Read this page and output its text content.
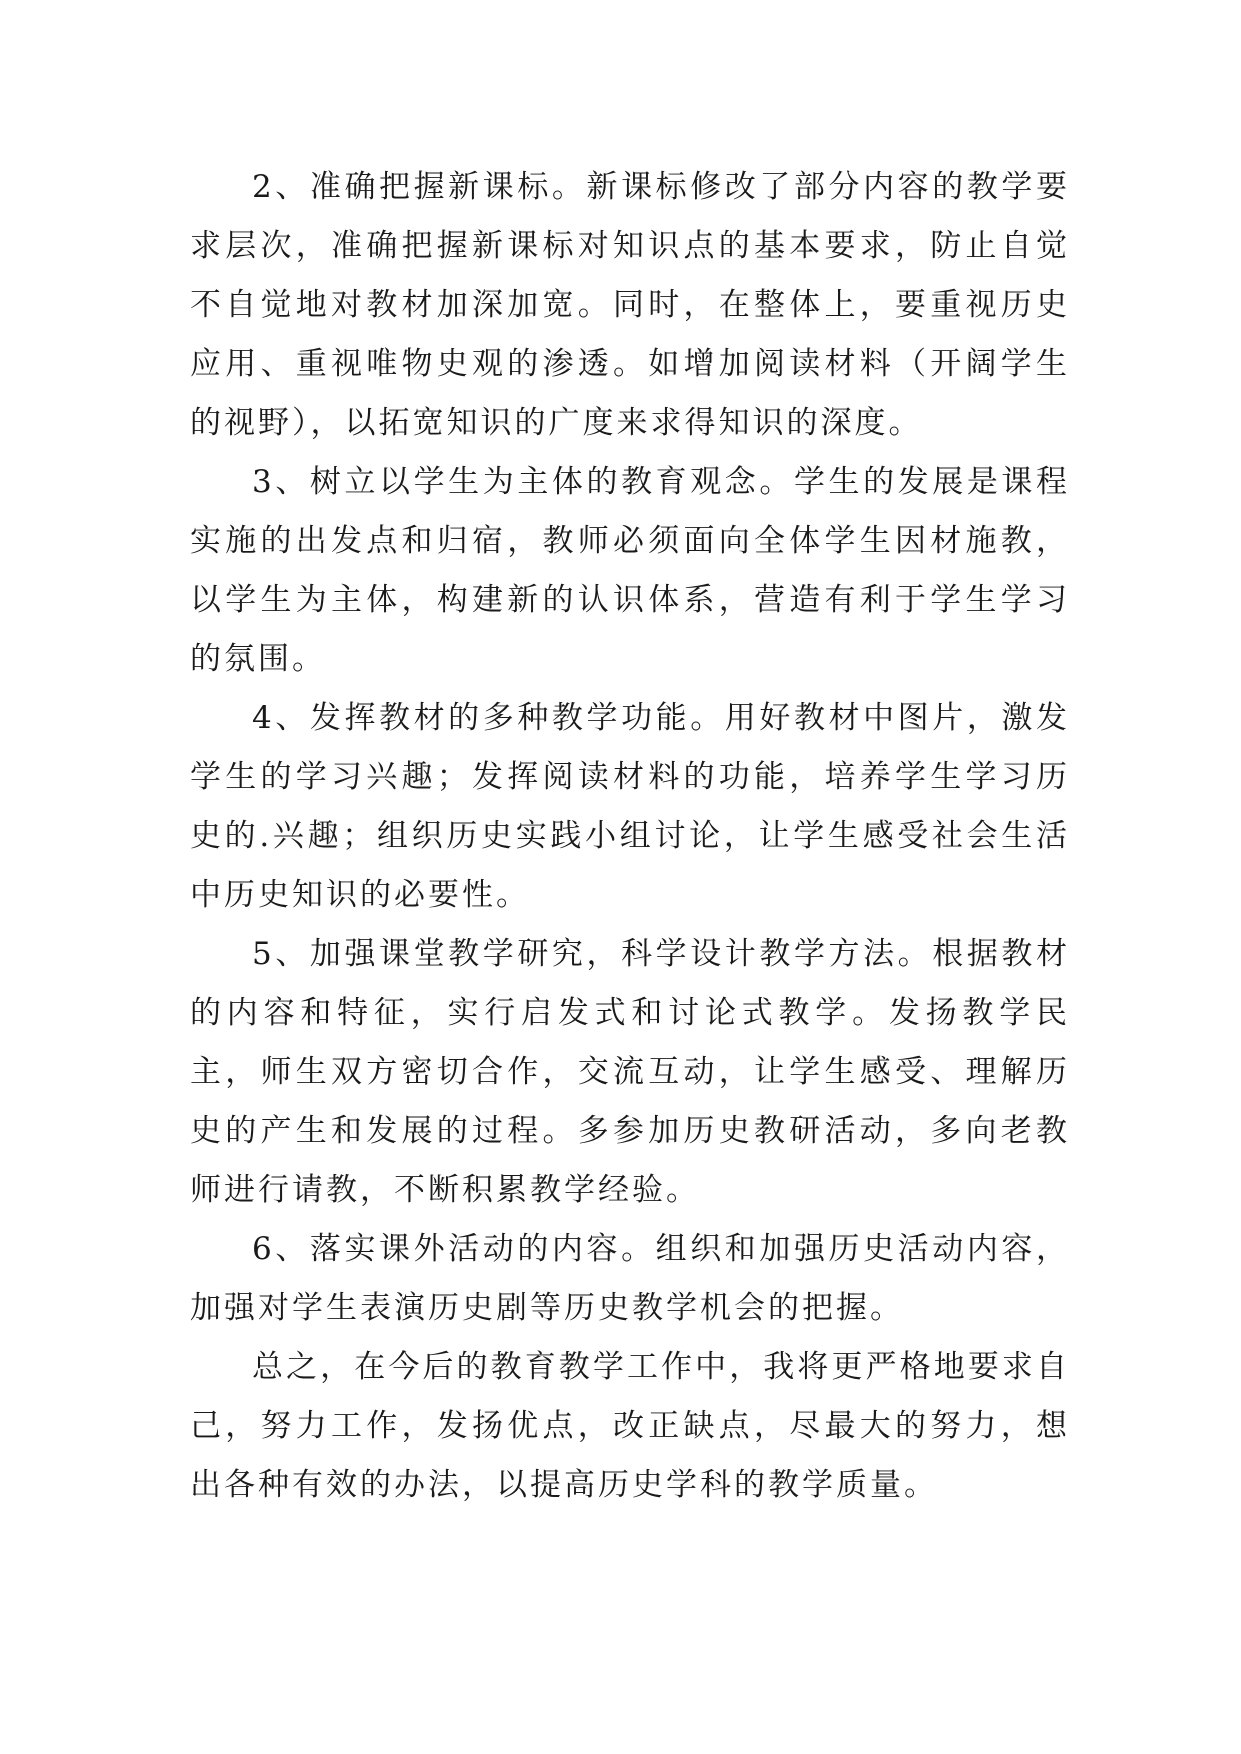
2、准确把握新课标。新课标修改了部分内容的教学要求层次，准确把握新课标对知识点的基本要求，防止自觉不自觉地对教材加深加宽。同时，在整体上，要重视历史应用、重视唯物史观的渗透。如增加阅读材料（开阔学生的视野），以拓宽知识的广度来求得知识的深度。

3、树立以学生为主体的教育观念。学生的发展是课程实施的出发点和归宿，教师必须面向全体学生因材施教，以学生为主体，构建新的认识体系，营造有利于学生学习的氛围。

4、发挥教材的多种教学功能。用好教材中图片，激发学生的学习兴趣；发挥阅读材料的功能，培养学生学习历史的.兴趣；组织历史实践小组讨论，让学生感受社会生活中历史知识的必要性。

5、加强课堂教学研究，科学设计教学方法。根据教材的内容和特征，实行启发式和讨论式教学。发扬教学民主，师生双方密切合作，交流互动，让学生感受、理解历史的产生和发展的过程。多参加历史教研活动，多向老教师进行请教，不断积累教学经验。

6、落实课外活动的内容。组织和加强历史活动内容，加强对学生表演历史剧等历史教学机会的把握。

总之，在今后的教育教学工作中，我将更严格地要求自己，努力工作，发扬优点，改正缺点，尽最大的努力，想出各种有效的办法，以提高历史学科的教学质量。
